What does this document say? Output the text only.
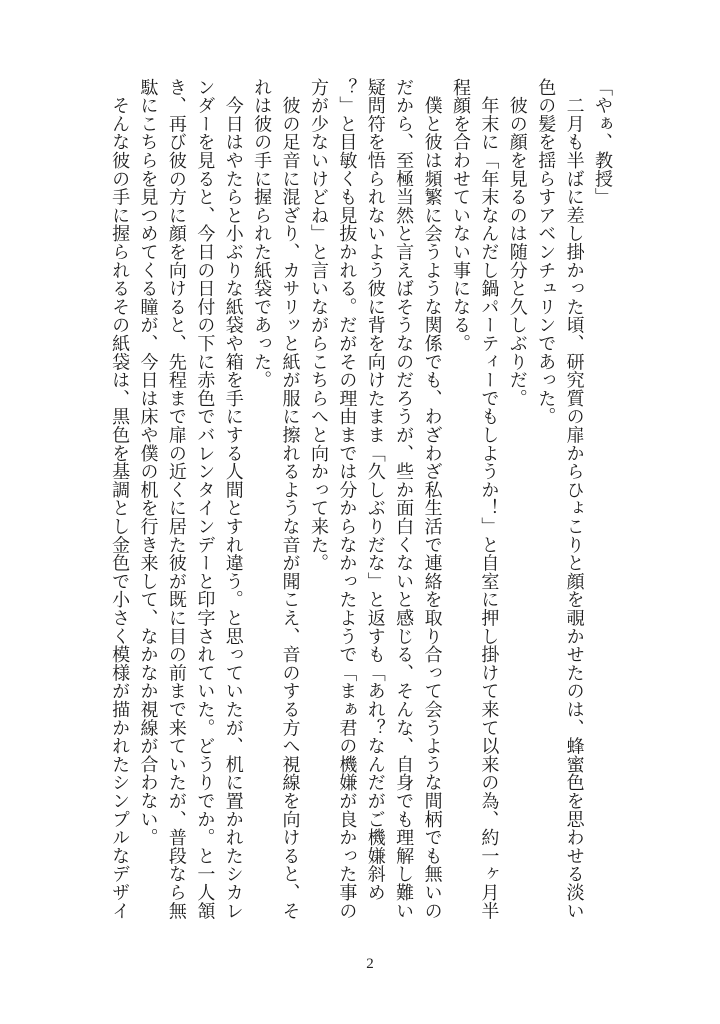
「やぁ、教授」
　二月も半ばに差し掛かった頃、研究質の扉からひょこりと顔を覗かせたのは、蜂蜜色を思わせる淡い
色の髪を揺らすアベンチュリンであった。
　彼の顔を見るのは随分と久しぶりだ。
　年末に「年末なんだし鍋パーティーでもしようか！」と自室に押し掛けて来て以来の為、約一ヶ月半
程顔を合わせていない事になる。
　僕と彼は頻繁に会うような関係でも、わざわざ私生活で連絡を取り合って会うような間柄でも無いの
だから、至極当然と言えばそうなのだろうが、些か面白くないと感じる、そんな、自身でも理解し難い
疑問符を悟られないよう彼に背を向けたまま「久しぶりだな」と返すも「あれ？なんだがご機嫌斜め
？」と目敏くも見抜かれる。だがその理由までは分からなかったようで「まぁ君の機嫌が良かった事の
方が少ないけどね」と言いながらこちらへと向かって来た。
　彼の足音に混ざり、カサリッと紙が服に擦れるような音が聞こえ、音のする方へ視線を向けると、そ
れは彼の手に握られた紙袋であった。
　今日はやたらと小ぶりな紙袋や箱を手にする人間とすれ違う。と思っていたが、机に置かれたシカレ
ンダーを見ると、今日の日付の下に赤色でバレンタインデーと印字されていた。どうりでか。と一人頷
き、再び彼の方に顔を向けると、先程まで扉の近くに居た彼が既に目の前まで来ていたが、普段なら無
駄にこちらを見つめてくる瞳が、今日は床や僕の机を行き来して、なかなか視線が合わない。
　そんな彼の手に握られるその紙袋は、黒色を基調とし金色で小さく模様が描かれたシンプルなデザイ
2
